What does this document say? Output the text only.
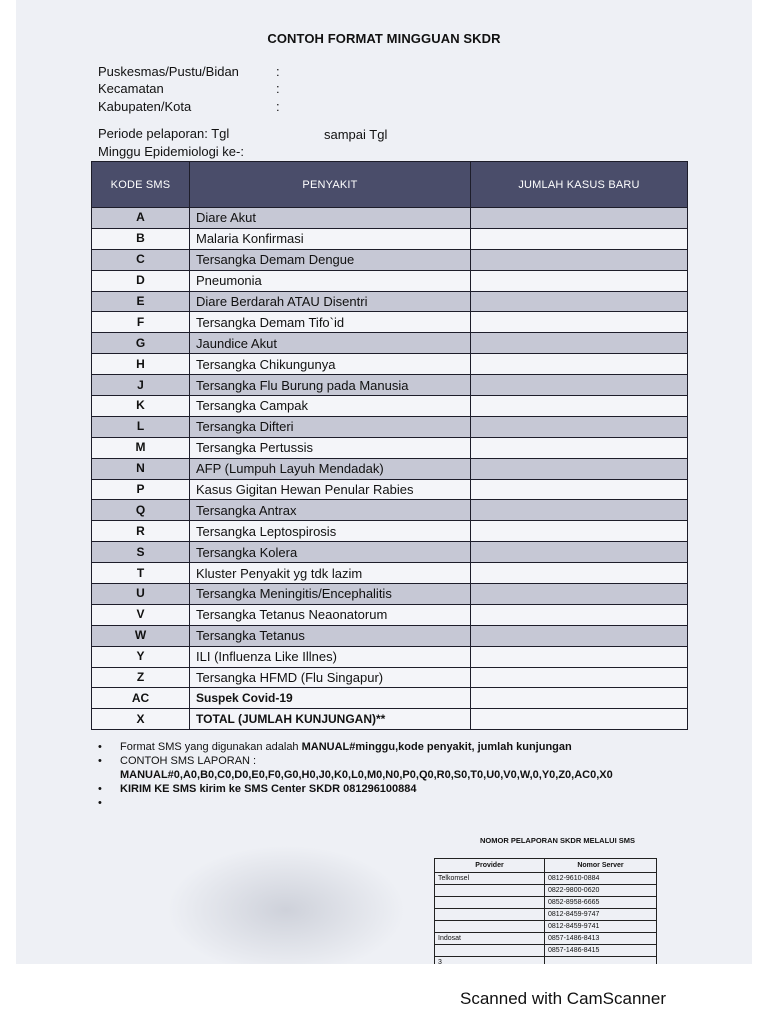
CONTOH FORMAT MINGGUAN SKDR
Puskesmas/Pustu/Bidan	:
Kecamatan	:
Kabupaten/Kota	:
Periode pelaporan: Tgl	sampai Tgl
Minggu Epidemiologi ke-:
KODE SMS	PENYAKIT	JUMLAH KASUS BARU
A	Diare Akut	
B	Malaria Konfirmasi	
C	Tersangka Demam Dengue	
D	Pneumonia	
E	Diare Berdarah ATAU Disentri	
F	Tersangka Demam Tifo`id	
G	Jaundice Akut	
H	Tersangka Chikungunya	
J	Tersangka Flu Burung pada Manusia	
K	Tersangka Campak	
L	Tersangka Difteri	
M	Tersangka Pertussis	
N	AFP (Lumpuh Layuh Mendadak)	
P	Kasus Gigitan Hewan Penular Rabies	
Q	Tersangka Antrax	
R	Tersangka Leptospirosis	
S	Tersangka Kolera	
T	Kluster Penyakit yg tdk lazim	
U	Tersangka Meningitis/Encephalitis	
V	Tersangka Tetanus Neaonatorum	
W	Tersangka Tetanus	
Y	ILI (Influenza Like Illnes)	
Z	Tersangka HFMD (Flu Singapur)	
AC	Suspek Covid-19	
X	TOTAL (JUMLAH KUNJUNGAN)**	
• Format SMS yang digunakan adalah MANUAL#minggu,kode penyakit, jumlah kunjungan
• CONTOH SMS LAPORAN :
MANUAL#0,A0,B0,C0,D0,E0,F0,G0,H0,J0,K0,L0,M0,N0,P0,Q0,R0,S0,T0,U0,V0,W,0,Y0,Z0,AC0,X0
• KIRIM KE SMS kirim ke SMS Center SKDR 081296100884
•
NOMOR PELAPORAN SKDR MELALUI SMS
Provider	Nomor Server
Telkomsel	0812-9610-0884
	0822-9800-0620
	0852-8958-6665
	0812-8459-9747
	0812-8459-9741
Indosat	0857-1486-8413
	0857-1486-8415
3	
Scanned with CamScanner
